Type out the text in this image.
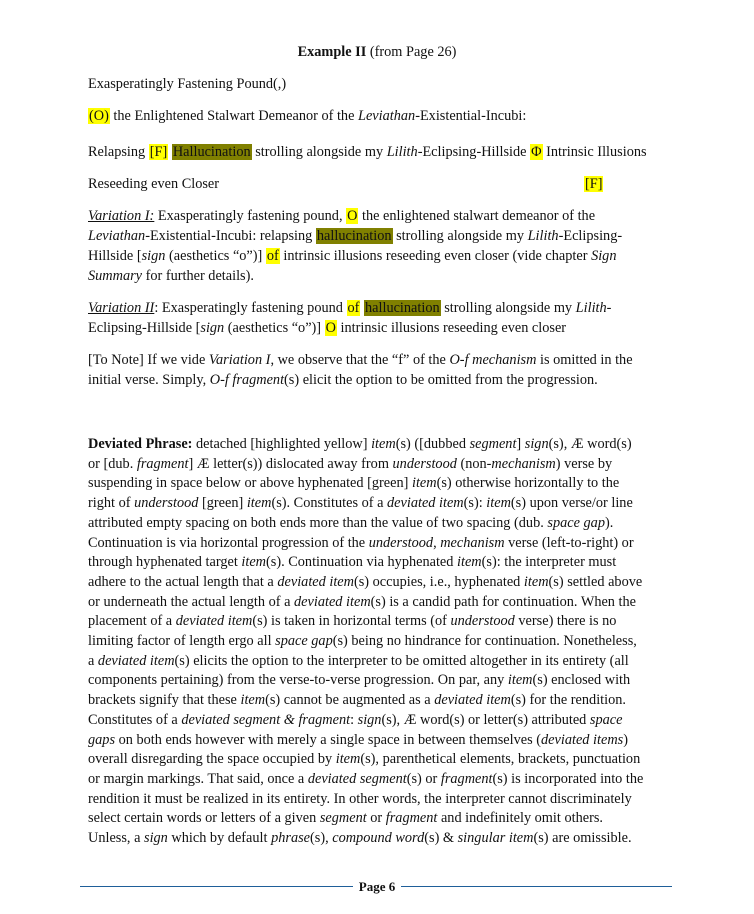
Example II (from Page 26)
Exasperatingly Fastening Pound(,)
(O) the Enlightened Stalwart Demeanor of the Leviathan-Existential-Incubi:
Relapsing [F] Hallucination strolling alongside my Lilith-Eclipsing-Hillside Φ Intrinsic Illusions
Reseeding even Closer	[F]
Variation I: Exasperatingly fastening pound, O the enlightened stalwart demeanor of the
Leviathan-Existential-Incubi: relapsing hallucination strolling alongside my Lilith-Eclipsing-
Hillside [sign (aesthetics “o”)] of intrinsic illusions reseeding even closer (vide chapter Sign
Summary for further details).
Variation II: Exasperatingly fastening pound of hallucination strolling alongside my Lilith-
Eclipsing-Hillside [sign (aesthetics “o”)] O intrinsic illusions reseeding even closer
[To Note] If we vide Variation I, we observe that the “f” of the O-f mechanism is omitted in the
initial verse. Simply, O-f fragment(s) elicit the option to be omitted from the progression.
Deviated Phrase: detached [highlighted yellow] item(s) ([dubbed segment] sign(s), Æ word(s)
or [dub. fragment] Æ letter(s)) dislocated away from understood (non-mechanism) verse by
suspending in space below or above hyphenated [green] item(s) otherwise horizontally to the
right of understood [green] item(s). Constitutes of a deviated item(s): item(s) upon verse/or line
attributed empty spacing on both ends more than the value of two spacing (dub. space gap).
Continuation is via horizontal progression of the understood, mechanism verse (left-to-right) or
through hyphenated target item(s). Continuation via hyphenated item(s): the interpreter must
adhere to the actual length that a deviated item(s) occupies, i.e., hyphenated item(s) settled above
or underneath the actual length of a deviated item(s) is a candid path for continuation. When the
placement of a deviated item(s) is taken in horizontal terms (of understood verse) there is no
limiting factor of length ergo all space gap(s) being no hindrance for continuation. Nonetheless,
a deviated item(s) elicits the option to the interpreter to be omitted altogether in its entirety (all
components pertaining) from the verse-to-verse progression. On par, any item(s) enclosed with
brackets signify that these item(s) cannot be augmented as a deviated item(s) for the rendition.
Constitutes of a deviated segment & fragment: sign(s), Æ word(s) or letter(s) attributed space
gaps on both ends however with merely a single space in between themselves (deviated items)
overall disregarding the space occupied by item(s), parenthetical elements, brackets, punctuation
or margin markings. That said, once a deviated segment(s) or fragment(s) is incorporated into the
rendition it must be realized in its entirety. In other words, the interpreter cannot discriminately
select certain words or letters of a given segment or fragment and indefinitely omit others.
Unless, a sign which by default phrase(s), compound word(s) & singular item(s) are omissible.
Page 6
